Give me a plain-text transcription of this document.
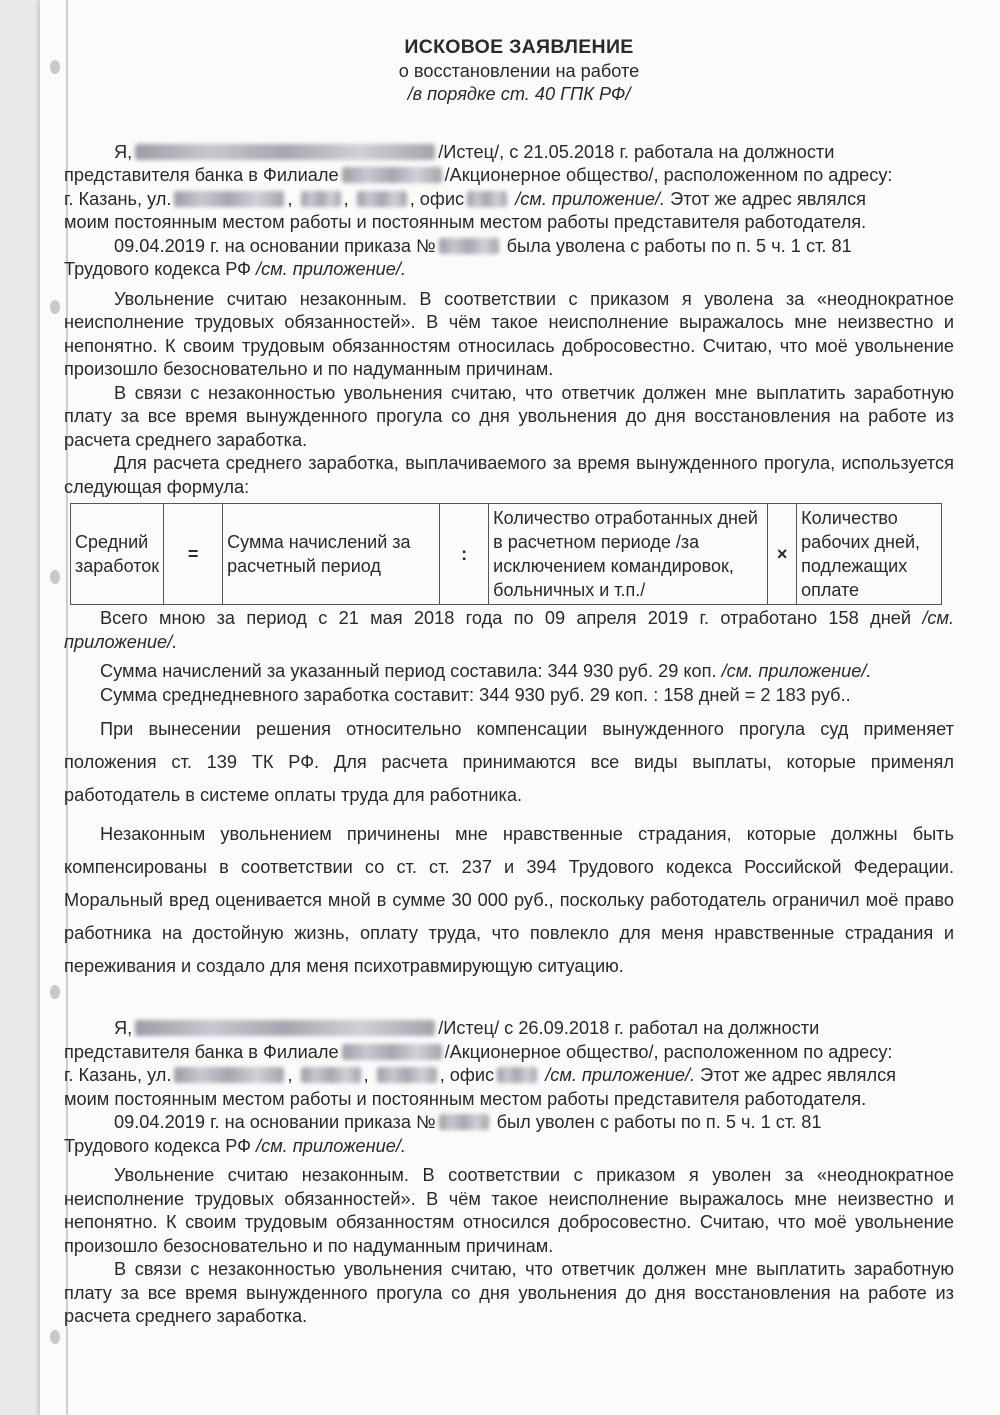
ИСКОВОЕ ЗАЯВЛЕНИЕ
о восстановлении на работе
/в порядке ст. 40 ГПК РФ/
Я,	/Истец/, с 21.05.2018 г. работала на должности
представителя банка в Филиале	/Акционерное общество/, расположенном по адресу:
г. Казань, ул.	,	,	, офис	/см. приложение/. Этот же адрес являлся
моим постоянным местом работы и постоянным местом работы представителя работодателя.
09.04.2019 г. на основании приказа №	была уволена с работы по п. 5 ч. 1 ст. 81
Трудового кодекса РФ /см. приложение/.

Увольнение считаю незаконным. В соответствии с приказом я уволена за «неоднократное неисполнение трудовых обязанностей». В чём такое неисполнение выражалось мне неизвестно и непонятно. К своим трудовым обязанностям относилась добросовестно. Считаю, что моё увольнение произошло безосновательно и по надуманным причинам.

В связи с незаконностью увольнения считаю, что ответчик должен мне выплатить заработную плату за все время вынужденного прогула со дня увольнения до дня восстановления на работе из расчета среднего заработка.

Для расчета среднего заработка, выплачиваемого за время вынужденного прогула, используется следующая формула:

Средний заработок	=	Сумма начислений за расчетный период	:	Количество отработанных дней в расчетном периоде /за исключением командировок, больничных и т.п./	×	Количество рабочих дней, подлежащих оплате

Всего мною за период с 21 мая 2018 года по 09 апреля 2019 г. отработано 158 дней /см. приложение/.

Сумма начислений за указанный период составила: 344 930 руб. 29 коп. /см. приложение/.

Сумма среднедневного заработка составит: 344 930 руб. 29 коп. : 158 дней = 2 183 руб..

При вынесении решения относительно компенсации вынужденного прогула суд применяет положения ст. 139 ТК РФ. Для расчета принимаются все виды выплаты, которые применял работодатель в системе оплаты труда для работника.

Незаконным увольнением причинены мне нравственные страдания, которые должны быть компенсированы в соответствии со ст. ст. 237 и 394 Трудового кодекса Российской Федерации. Моральный вред оценивается мной в сумме 30 000 руб., поскольку работодатель ограничил моё право работника на достойную жизнь, оплату труда, что повлекло для меня нравственные страдания и переживания и создало для меня психотравмирующую ситуацию.

Я,	/Истец/ с 26.09.2018 г. работал на должности
представителя банка в Филиале	/Акционерное общество/, расположенном по адресу:
г. Казань, ул.	,	,	, офис	/см. приложение/. Этот же адрес являлся
моим постоянным местом работы и постоянным местом работы представителя работодателя.
09.04.2019 г. на основании приказа №	был уволен с работы по п. 5 ч. 1 ст. 81
Трудового кодекса РФ /см. приложение/.

Увольнение считаю незаконным. В соответствии с приказом я уволен за «неоднократное неисполнение трудовых обязанностей». В чём такое неисполнение выражалось мне неизвестно и непонятно. К своим трудовым обязанностям относился добросовестно. Считаю, что моё увольнение произошло безосновательно и по надуманным причинам.

В связи с незаконностью увольнения считаю, что ответчик должен мне выплатить заработную плату за все время вынужденного прогула со дня увольнения до дня восстановления на работе из расчета среднего заработка.
